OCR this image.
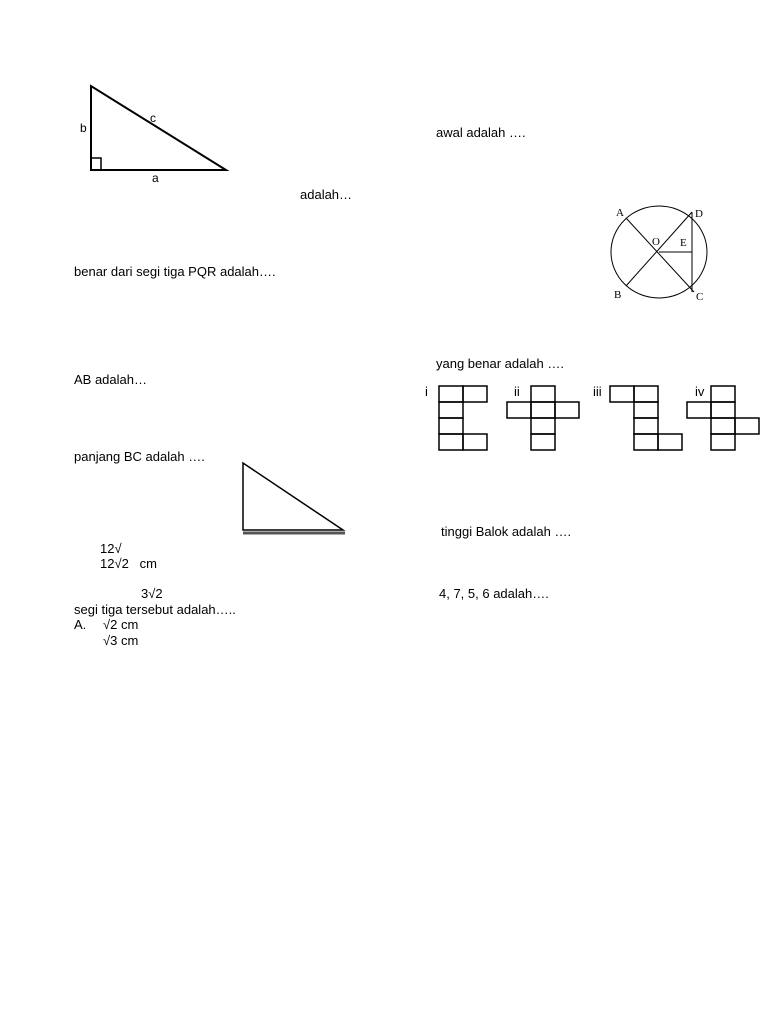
b
c
a
adalah…
benar dari segi tiga PQR adalah….
AB adalah…
panjang BC adalah ….
12√
12√2   cm
3√2
segi tiga tersebut adalah…..
A. √2 cm
√3 cm
awal adalah ….
A	D
O E
B	C
yang benar adalah ….
i	ii	iii	iv
tinggi Balok adalah ….
4, 7, 5, 6 adalah….
